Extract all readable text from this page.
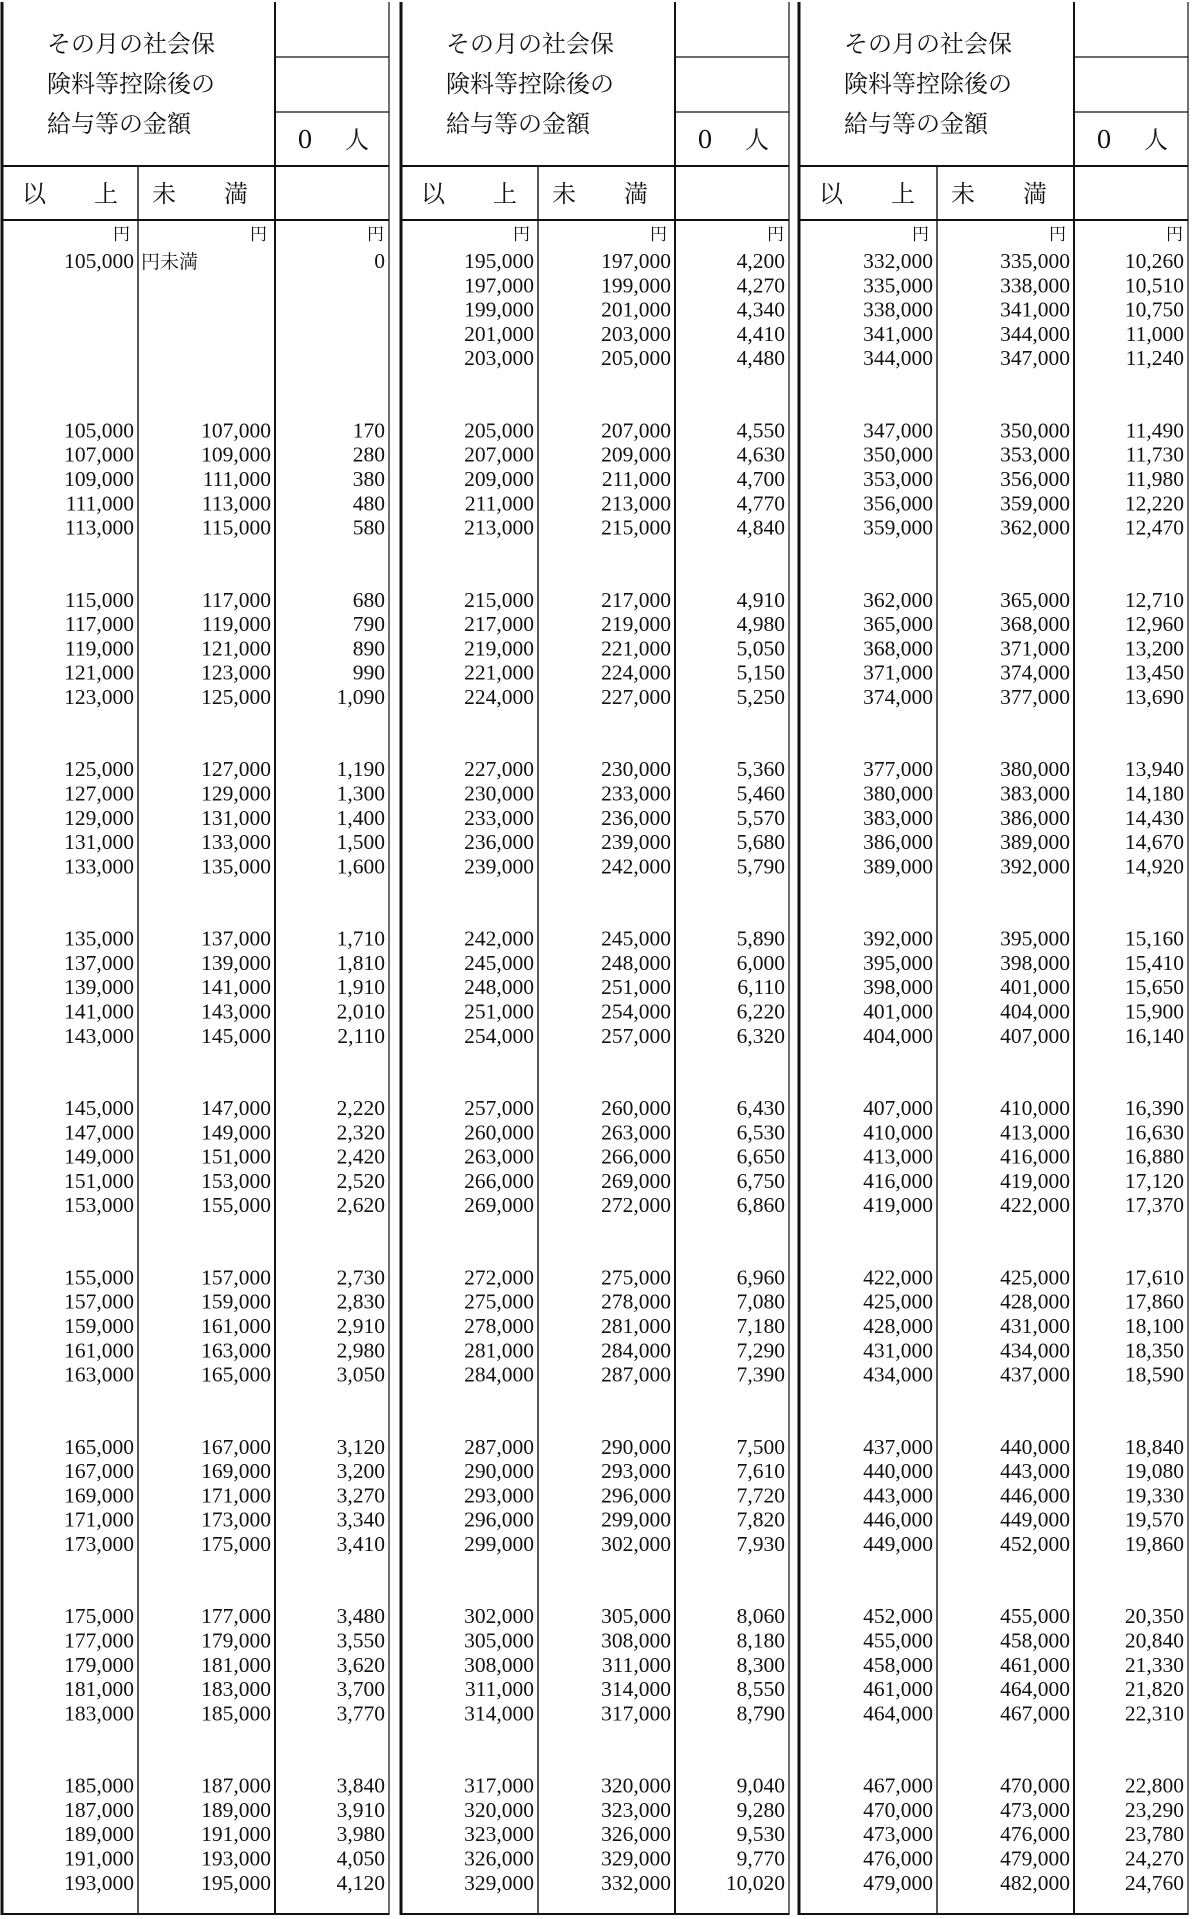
その月の社会保
険料等控除後の
給与等の金額
0 人
以　　上 未　　満
円	円	円
105,000 円未満	0
105,000	107,000	170
107,000	109,000	280
109,000	111,000	380
111,000	113,000	480
113,000	115,000	580
115,000	117,000	680
117,000	119,000	790
119,000	121,000	890
121,000	123,000	990
123,000	125,000	1,090
125,000	127,000	1,190
127,000	129,000	1,300
129,000	131,000	1,400
131,000	133,000	1,500
133,000	135,000	1,600
135,000	137,000	1,710
137,000	139,000	1,810
139,000	141,000	1,910
141,000	143,000	2,010
143,000	145,000	2,110
145,000	147,000	2,220
147,000	149,000	2,320
149,000	151,000	2,420
151,000	153,000	2,520
153,000	155,000	2,620
155,000	157,000	2,730
157,000	159,000	2,830
159,000	161,000	2,910
161,000	163,000	2,980
163,000	165,000	3,050
165,000	167,000	3,120
167,000	169,000	3,200
169,000	171,000	3,270
171,000	173,000	3,340
173,000	175,000	3,410
175,000	177,000	3,480
177,000	179,000	3,550
179,000	181,000	3,620
181,000	183,000	3,700
183,000	185,000	3,770
185,000	187,000	3,840
187,000	189,000	3,910
189,000	191,000	3,980
191,000	193,000	4,050
193,000	195,000	4,120
その月の社会保
険料等控除後の
給与等の金額
0 人
以　　上 未　　満
円	円	円
195,000	197,000	4,200
197,000	199,000	4,270
199,000	201,000	4,340
201,000	203,000	4,410
203,000	205,000	4,480
205,000	207,000	4,550
207,000	209,000	4,630
209,000	211,000	4,700
211,000	213,000	4,770
213,000	215,000	4,840
215,000	217,000	4,910
217,000	219,000	4,980
219,000	221,000	5,050
221,000	224,000	5,150
224,000	227,000	5,250
227,000	230,000	5,360
230,000	233,000	5,460
233,000	236,000	5,570
236,000	239,000	5,680
239,000	242,000	5,790
242,000	245,000	5,890
245,000	248,000	6,000
248,000	251,000	6,110
251,000	254,000	6,220
254,000	257,000	6,320
257,000	260,000	6,430
260,000	263,000	6,530
263,000	266,000	6,650
266,000	269,000	6,750
269,000	272,000	6,860
272,000	275,000	6,960
275,000	278,000	7,080
278,000	281,000	7,180
281,000	284,000	7,290
284,000	287,000	7,390
287,000	290,000	7,500
290,000	293,000	7,610
293,000	296,000	7,720
296,000	299,000	7,820
299,000	302,000	7,930
302,000	305,000	8,060
305,000	308,000	8,180
308,000	311,000	8,300
311,000	314,000	8,550
314,000	317,000	8,790
317,000	320,000	9,040
320,000	323,000	9,280
323,000	326,000	9,530
326,000	329,000	9,770
329,000	332,000	10,020
その月の社会保
険料等控除後の
給与等の金額
0 人
以　　上 未　　満
円	円	円
332,000	335,000	10,260
335,000	338,000	10,510
338,000	341,000	10,750
341,000	344,000	11,000
344,000	347,000	11,240
347,000	350,000	11,490
350,000	353,000	11,730
353,000	356,000	11,980
356,000	359,000	12,220
359,000	362,000	12,470
362,000	365,000	12,710
365,000	368,000	12,960
368,000	371,000	13,200
371,000	374,000	13,450
374,000	377,000	13,690
377,000	380,000	13,940
380,000	383,000	14,180
383,000	386,000	14,430
386,000	389,000	14,670
389,000	392,000	14,920
392,000	395,000	15,160
395,000	398,000	15,410
398,000	401,000	15,650
401,000	404,000	15,900
404,000	407,000	16,140
407,000	410,000	16,390
410,000	413,000	16,630
413,000	416,000	16,880
416,000	419,000	17,120
419,000	422,000	17,370
422,000	425,000	17,610
425,000	428,000	17,860
428,000	431,000	18,100
431,000	434,000	18,350
434,000	437,000	18,590
437,000	440,000	18,840
440,000	443,000	19,080
443,000	446,000	19,330
446,000	449,000	19,570
449,000	452,000	19,860
452,000	455,000	20,350
455,000	458,000	20,840
458,000	461,000	21,330
461,000	464,000	21,820
464,000	467,000	22,310
467,000	470,000	22,800
470,000	473,000	23,290
473,000	476,000	23,780
476,000	479,000	24,270
479,000	482,000	24,760
